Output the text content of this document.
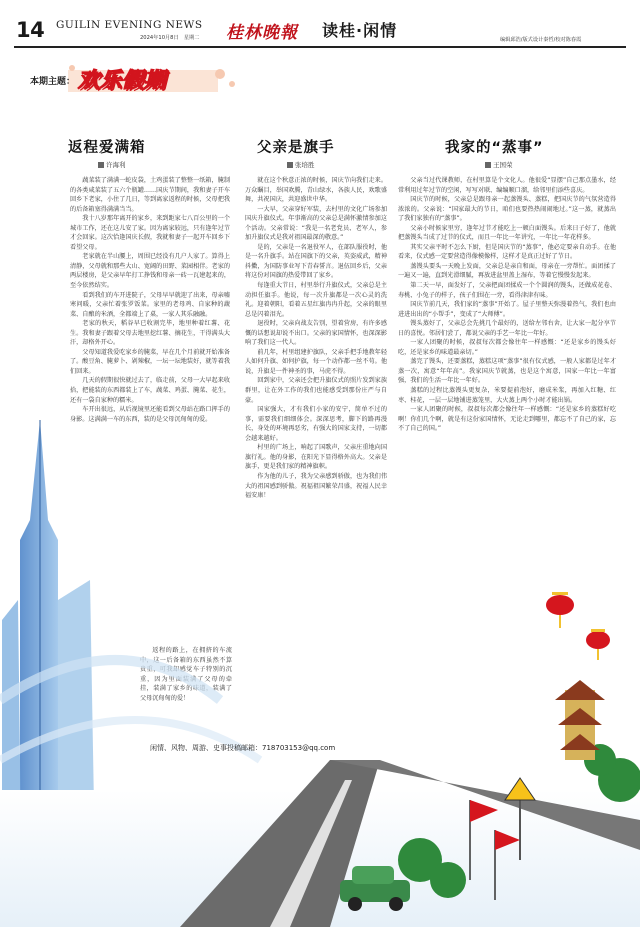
14 GUILIN EVENING NEWS
2024年10月8日　星期二 桂林晚報 读桂·闲情	编辑邱浩/版式设计秦哲/校对陈春霞
本期主题： 欢乐假期
返程爱满箱
许海利

蔬菜装了满满一蛇皮袋，土鸡蛋装了整整一纸箱，腌制的各类咸菜装了五六个瓶罐……国庆节期间，我和妻子开车回乡下老家，小住了几日，等到离家返程的时候，父母把我的后备箱塞得满满当当。

我十八岁那年离开的家乡，来到距家七八百公里的一个城市工作，还在这儿安了家。因为离家较远，只有逢年过节才会回家。这次恰逢国庆长假，我就和妻子一起开车回乡下看望父母。

老家就在半山腰上，周围已经没有几户人家了。算得上清静，父母就和那些大山、宽阔的田野、菜园相伴。老家的两层楼房，是父亲早年打工挣钱和母亲一砖一瓦建起来的，至今依然结实。

看到我们的车开进院子，父母早早就迎了出来，母亲嘘寒问暖，父亲忙着张罗饭菜。家里的老母鸡、自家种的蔬菜、自酿的米酒，全都端上了桌，一家人其乐融融。

老家的秋天，稻谷早已收割完毕，地里种着红薯、花生。我和妻子跟着父母去地里挖红薯、摘花生，干得满头大汗，却格外开心。

父母知道我爱吃家乡的腌菜，早在几个月前就开始准备了。酸豆角、腌萝卜、剁辣椒，一坛一坛地装好，就等着我们回来。

几天的假期很快就过去了，临走前，父母一大早起来收拾，把能装的东西都装上了车，蔬菜、鸡蛋、腌菜、花生，还有一袋自家种的糯米。

车开出很远，从后视镜里还能看到父母站在路口挥手的身影。这满满一车的东西，装的是父母沉甸甸的爱。

返程的路上，在拥挤的车流中，这一后备箱的东西虽然不算贵重，可我却感觉车子特别的沉重，因为里面装满了父母的牵挂，装满了家乡的味道，装满了父母沉甸甸的爱！

父亲是旗手
张培胜

就在这个秋意正浓的时候，国庆节向我们走来。万众瞩目，举国欢腾，青山绿水，各族人民，欢歌盛舞，共祝国庆，共迎盛世中华。

一大早，父亲穿好军装，去村里的文化广场参加国庆升旗仪式。年事渐高的父亲总是满怀激情参加这个活动。父亲常说：“我是一名老党员、老军人，参加升旗仪式是我对祖国最深的敬意。”

是的，父亲是一名退役军人，在部队服役时，他是一名升旗手。站在国旗下的父亲，英姿威武，精神抖擞，为国防事业写下青春誓言。退伍回乡后，父亲将这份对国旗的热爱带回了家乡。

每逢重大节日，村里举行升旗仪式，父亲总是主动担任旗手。他说，每一次升旗都是一次心灵的洗礼。迎着朝阳，看着五星红旗冉冉升起，父亲的眼里总是闪着泪光。

退役时，父亲向战友告别，望着营房，有许多感慨的话想说却说不出口。父亲的家国情怀，也深深影响了我们这一代人。

前几年，村里组建护旗队，父亲手把手地教年轻人如何升旗、如何护旗，每一个动作都一丝不苟。他说，升旗是一件神圣的事，马虎不得。

回到家中，父亲还会把升旗仪式的照片发到家族群里，让在外工作的我们也能感受到那份庄严与自豪。

国家强大，才有我们小家的安宁，简单不过的事，需要我们细细体会。深深思考，脚下的路再漫长，身处的环境再恶劣，有强大的国家支持，一切都会越来越好。

村里的广场上，响起了国歌声，父亲庄重地向国旗行礼。他的身影，在阳光下显得格外高大。父亲是旗手，更是我们家的精神旗帜。

作为他的儿子，我为父亲感到骄傲，也为我们伟大的祖国感到骄傲。祝福祖国繁荣昌盛，祝福人民幸福安康！

我家的“蒸事”
王国荣

父亲当过代课教师，在村里算是个文化人。他很爱“显摆”自己那点墨水，经常利用过年过节的空闲，写写对联、编编顺口溜，给邻里们添些喜庆。

国庆节的时候，父亲总是跟母亲一起蒸馒头、蒸糕，把国庆节的气氛营造得浓浓的。父亲说：“国家最大的节日，咱们也要热热闹闹地过。”这一蒸，就蒸出了我们家独有的“蒸事”。

父亲小时候家里穷，逢年过节才能吃上一顿白面馒头。后来日子好了，他就把蒸馒头当成了过节的仪式，而且一年比一年讲究，一年比一年花样多。

其实父亲平时不怎么下厨，但是国庆节的“蒸事”，他必定要亲自动手。在他看来，仪式感一定要营造得像模像样，这样才是真正过好了节日。

蒸馒头要头一天晚上发面，父亲总是亲自和面，母亲在一旁帮忙。面团揉了一遍又一遍，直到光滑细腻，再放进盆里盖上湿布，等着它慢慢发起来。

第二天一早，面发好了，父亲把面团揉成一个个圆润的馒头，还做成花卷、寿桃、小兔子的样子，孩子们围在一旁，看得津津有味。

国庆节前几天，我们家的“蒸事”开始了。屋子里整天弥漫着热气，我们也由进进出出的“小帮手”，变成了“大师傅”。

馒头蒸好了，父亲总会先挑几个最好的，送给左邻右舍，让大家一起分享节日的喜悦。邻居们尝了，都说父亲的手艺一年比一年好。

一家人团聚的时候，叔叔每次都会像往年一样感慨：“还是家乡的馒头好吃，还是家乡的味道最亲切。”

蒸完了馒头，还要蒸糕，蒸糕这项“蒸事”很有仪式感，一般人家都是过年才蒸一次，寓意“年年高”。我家国庆节就蒸，也是这个寓意，国家一年比一年富强，我们的生活一年比一年好。

蒸糕的过程比蒸馒头更复杂，米要提前泡好，磨成米浆，再加入红糖、红枣、桂花，一层一层地铺进蒸笼里，大火蒸上两个小时才能出锅。

一家人团聚的时候，叔叔每次都会像往年一样感慨：“还是家乡的蒸糕好吃啊！你们几个啊，就是有这份家国情怀，无论走到哪里，都忘不了自己的家，忘不了自己的国。”

闲情、风物、周游、史事投稿邮箱：718703153@qq.com
